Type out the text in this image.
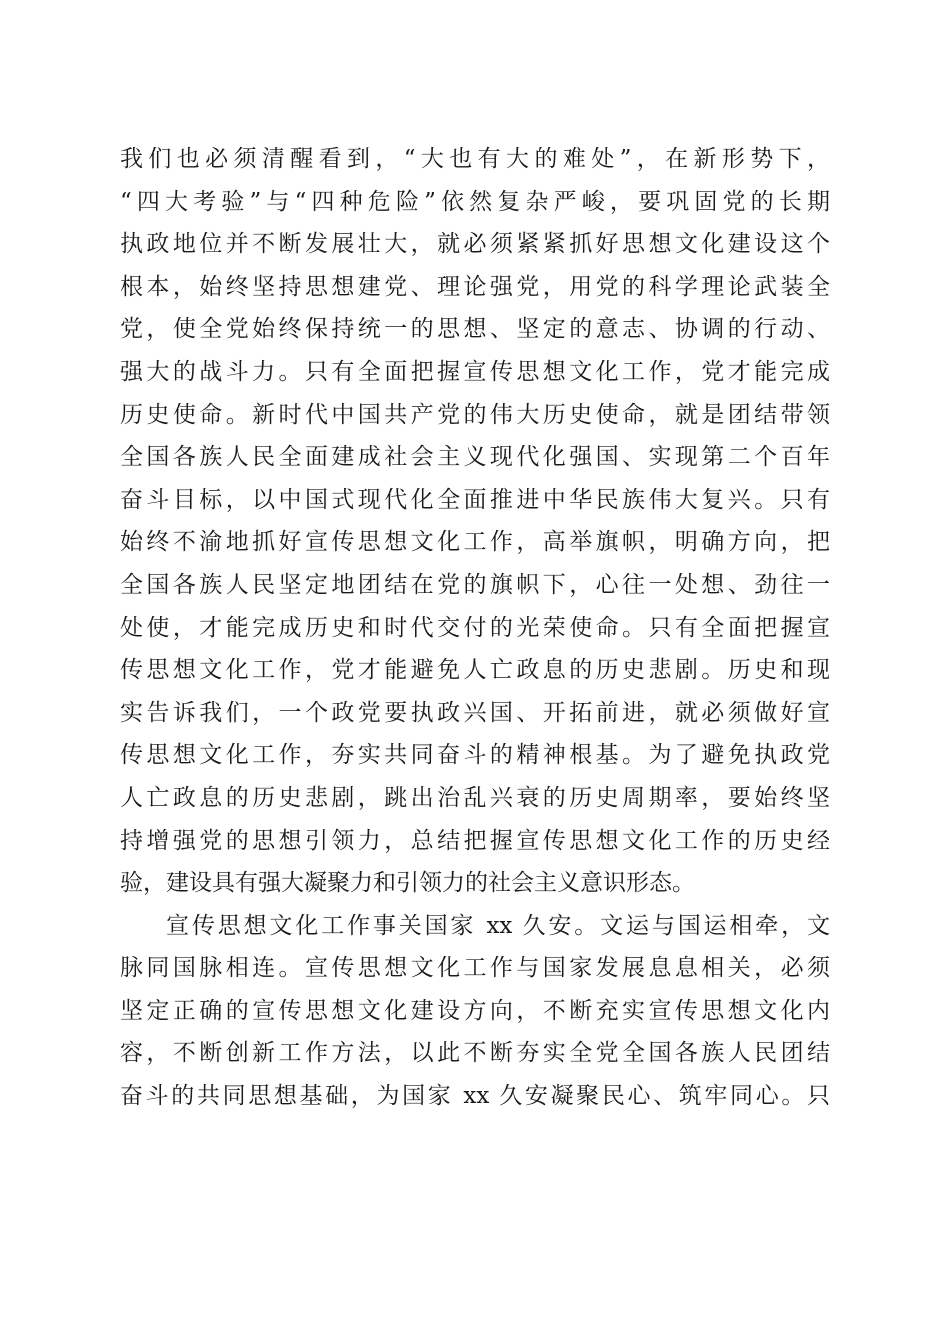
我们也必须清醒看到，“大也有大的难处”，在新形势下，
“四大考验”与“四种危险”依然复杂严峻，要巩固党的长期
执政地位并不断发展壮大，就必须紧紧抓好思想文化建设这个
根本，始终坚持思想建党、理论强党，用党的科学理论武装全
党，使全党始终保持统一的思想、坚定的意志、协调的行动、
强大的战斗力。只有全面把握宣传思想文化工作，党才能完成
历史使命。新时代中国共产党的伟大历史使命，就是团结带领
全国各族人民全面建成社会主义现代化强国、实现第二个百年
奋斗目标，以中国式现代化全面推进中华民族伟大复兴。只有
始终不渝地抓好宣传思想文化工作，高举旗帜，明确方向，把
全国各族人民坚定地团结在党的旗帜下，心往一处想、劲往一
处使，才能完成历史和时代交付的光荣使命。只有全面把握宣
传思想文化工作，党才能避免人亡政息的历史悲剧。历史和现
实告诉我们，一个政党要执政兴国、开拓前进，就必须做好宣
传思想文化工作，夯实共同奋斗的精神根基。为了避免执政党
人亡政息的历史悲剧，跳出治乱兴衰的历史周期率，要始终坚
持增强党的思想引领力，总结把握宣传思想文化工作的历史经
验，建设具有强大凝聚力和引领力的社会主义意识形态。
宣传思想文化工作事关国家 xx 久安。文运与国运相牵，文
脉同国脉相连。宣传思想文化工作与国家发展息息相关，必须
坚定正确的宣传思想文化建设方向，不断充实宣传思想文化内
容，不断创新工作方法，以此不断夯实全党全国各族人民团结
奋斗的共同思想基础，为国家 xx 久安凝聚民心、筑牢同心。只
